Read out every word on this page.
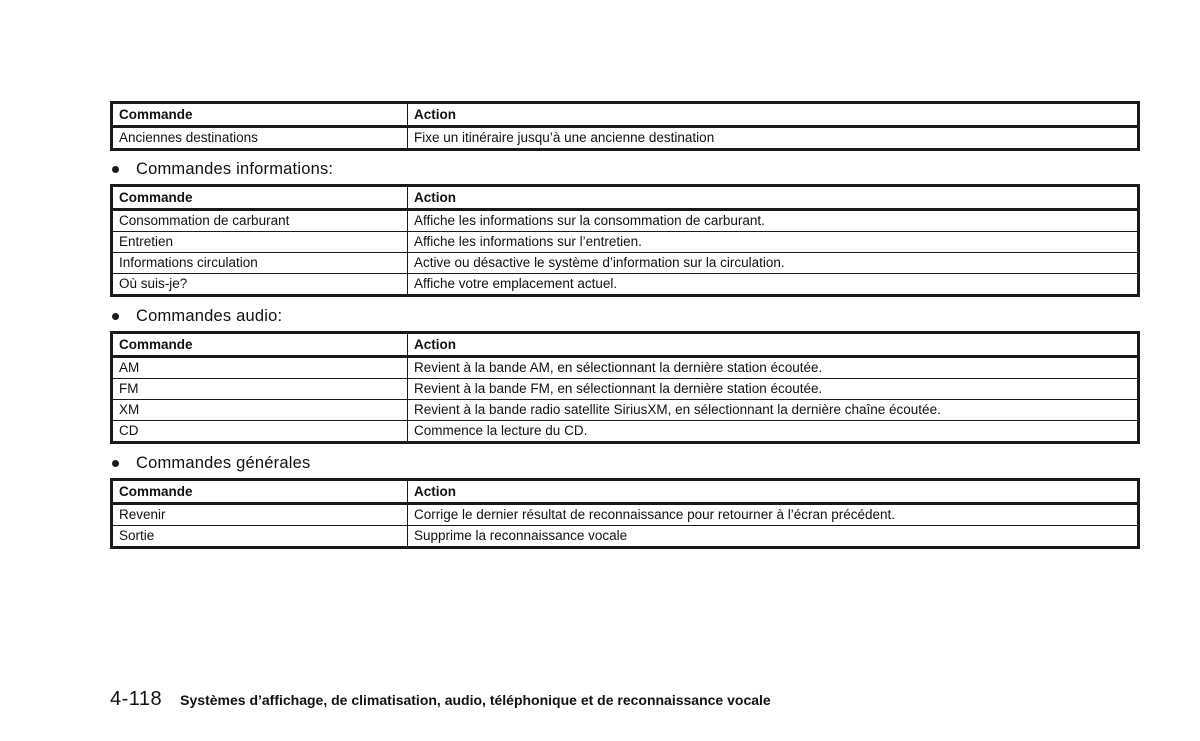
Commande	Action
Anciennes destinations	Fixe un itinéraire jusqu’à une ancienne destination
Commandes informations:
Commande	Action
Consommation de carburant	Affiche les informations sur la consommation de carburant.
Entretien	Affiche les informations sur l’entretien.
Informations circulation	Active ou désactive le système d’information sur la circulation.
Où suis-je?	Affiche votre emplacement actuel.
Commandes audio:
Commande	Action
AM	Revient à la bande AM, en sélectionnant la dernière station écoutée.
FM	Revient à la bande FM, en sélectionnant la dernière station écoutée.
XM	Revient à la bande radio satellite SiriusXM, en sélectionnant la dernière chaîne écoutée.
CD	Commence la lecture du CD.
Commandes générales
Commande	Action
Revenir	Corrige le dernier résultat de reconnaissance pour retourner à l’écran précédent.
Sortie	Supprime la reconnaissance vocale
4-118 Systèmes d’affichage, de climatisation, audio, téléphonique et de reconnaissance vocale
